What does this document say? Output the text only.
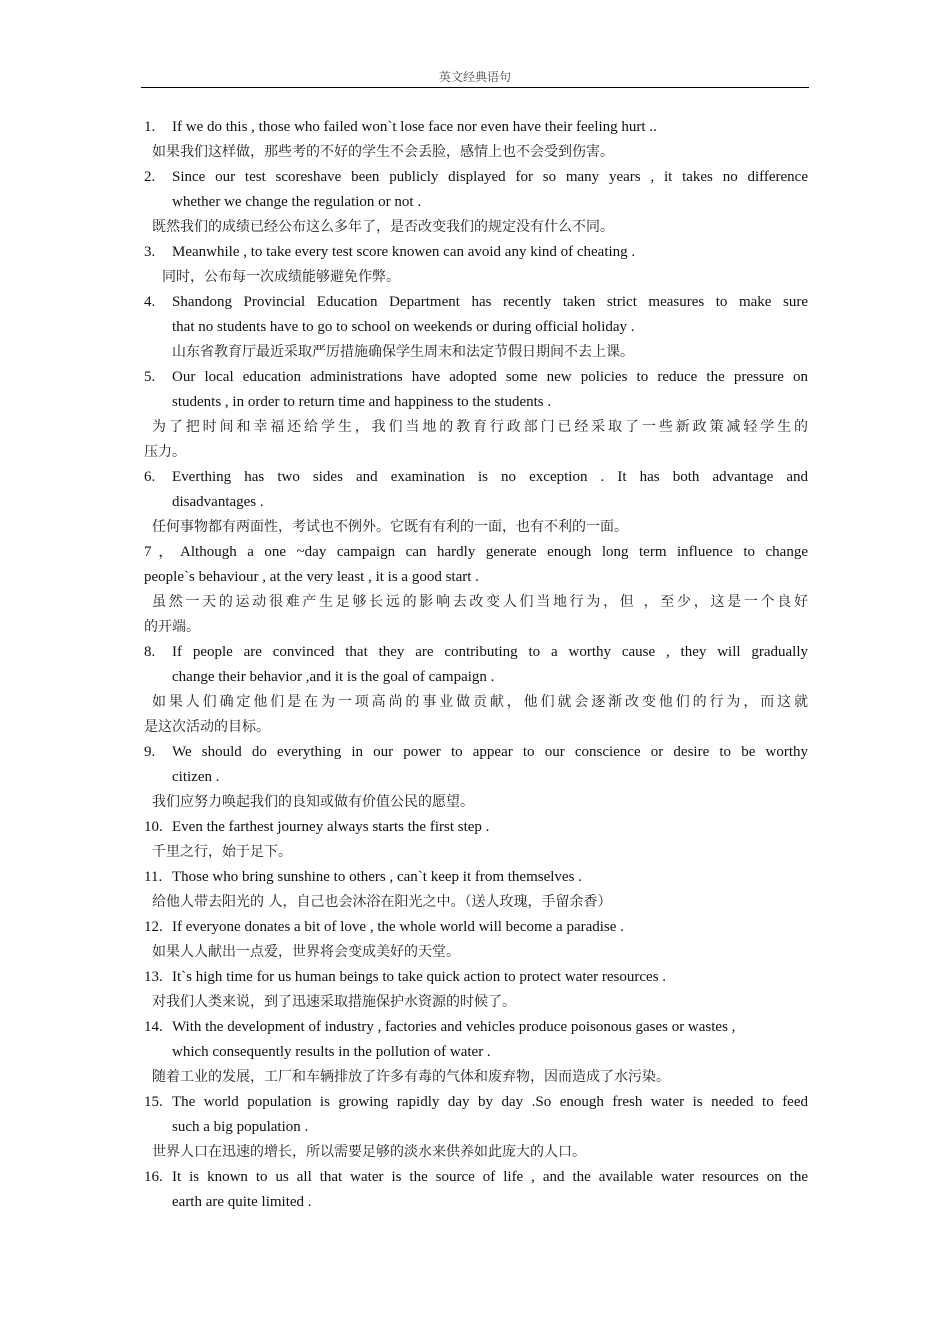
英文经典语句
1. If we do this , those who failed won`t lose face nor even have their feeling hurt ..
如果我们这样做，那些考的不好的学生不会丢脸，感情上也不会受到伤害。
2. Since our test scoreshave been publicly displayed for so many years , it takes no difference
whether we change the regulation or not .
既然我们的成绩已经公布这么多年了，是否改变我们的规定没有什么不同。
3. Meanwhile , to take every test score knowen can avoid any kind of cheating .
同时，公布每一次成绩能够避免作弊。
4. Shandong Provincial Education Department has recently taken strict measures to make sure
that no students have to go to school on weekends or during official holiday .
山东省教育厅最近采取严厉措施确保学生周末和法定节假日期间不去上课。
5. Our local education administrations have adopted some new policies to reduce the pressure on
students , in order to return time and happiness to the students .
为了把时间和幸福还给学生，我们当地的教育行政部门已经采取了一些新政策减轻学生的
压力。
6. Everthing has two sides and examination is no exception . It has both advantage and
disadvantages .
任何事物都有两面性，考试也不例外。它既有有利的一面，也有不利的一面。
7，Although a one ~day campaign can hardly generate enough long term influence to change
people`s behaviour , at the very least , it is a good start .
虽然一天的运动很难产生足够长远的影响去改变人们当地行为，但 ，至少，这是一个良好
的开端。
8. If people are convinced that they are contributing to a worthy cause , they will gradually
change their behavior ,and it is the goal of campaign .
如果人们确定他们是在为一项高尚的事业做贡献，他们就会逐渐改变他们的行为，而这就
是这次活动的目标。
9. We should do everything in our power to appear to our conscience or desire to be worthy
citizen .
我们应努力唤起我们的良知或做有价值公民的愿望。
10. Even the farthest journey always starts the first step .
千里之行，始于足下。
11. Those who bring sunshine to others , can`t keep it from themselves .
给他人带去阳光的 人，自己也会沐浴在阳光之中。（送人玫瑰，手留余香）
12. If everyone donates a bit of love , the whole world will become a paradise .
如果人人献出一点爱，世界将会变成美好的天堂。
13. It`s high time for us human beings to take quick action to protect water resources .
对我们人类来说，到了迅速采取措施保护水资源的时候了。
14. With the development of industry , factories and vehicles produce poisonous gases or wastes ,
which consequently results in the pollution of water .
随着工业的发展，工厂和车辆排放了许多有毒的气体和废弃物，因而造成了水污染。
15. The world population is growing rapidly day by day .So enough fresh water is needed to feed
such a big population .
世界人口在迅速的增长，所以需要足够的淡水来供养如此庞大的人口。
16. It is known to us all that water is the source of life , and the available water resources on the
earth are quite limited .
